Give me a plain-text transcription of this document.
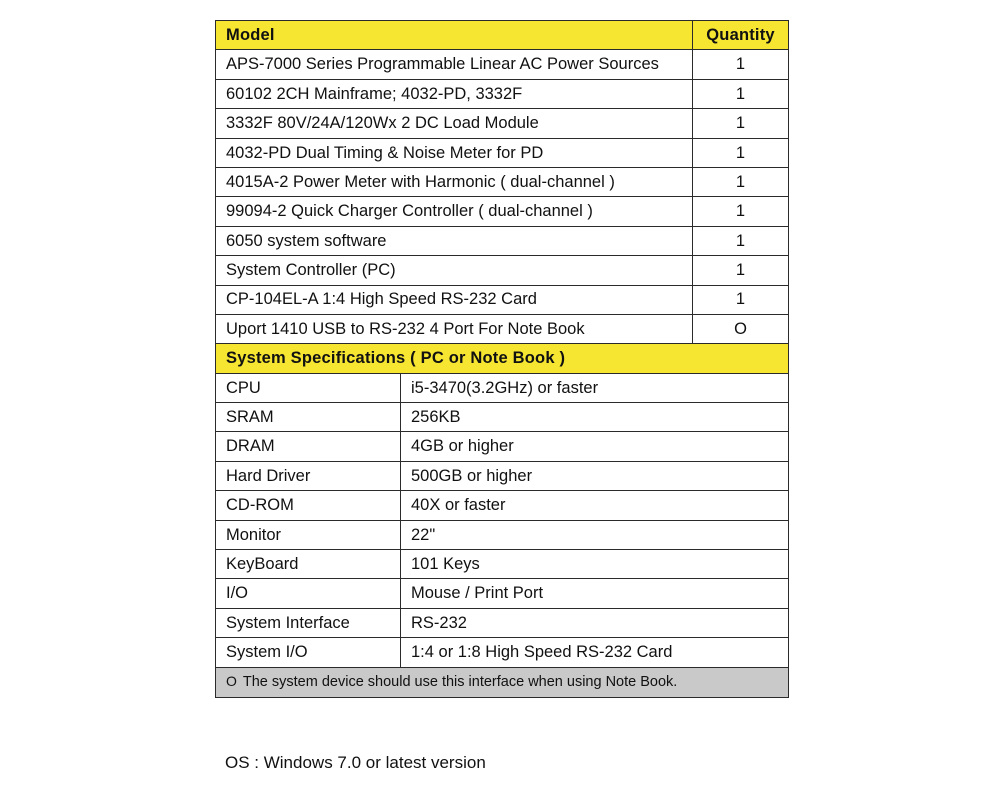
Model		Quantity
APS-7000 Series Programmable Linear AC Power Sources		1
60102 2CH Mainframe; 4032-PD, 3332F		1
3332F 80V/24A/120Wx 2 DC Load Module		1
4032-PD Dual Timing & Noise Meter for PD		1
4015A-2 Power Meter with Harmonic ( dual-channel )		1
99094-2 Quick Charger Controller ( dual-channel )		1
6050 system software		1
System Controller (PC)		1
CP-104EL-A 1:4 High Speed RS-232 Card		1
Uport 1410 USB to RS-232 4 Port For Note Book		O
System Specifications ( PC or Note Book )		
CPU	i5-3470(3.2GHz) or faster	
SRAM	256KB	
DRAM	4GB or higher	
Hard Driver	500GB or higher	
CD-ROM	40X or faster	
Monitor	22"	
KeyBoard	101 Keys	
I/O	Mouse / Print Port	
System Interface	RS-232	
System I/O	1:4 or 1:8 High Speed RS-232 Card	
O The system device should use this interface when using Note Book.		

OS : Windows 7.0 or latest version
